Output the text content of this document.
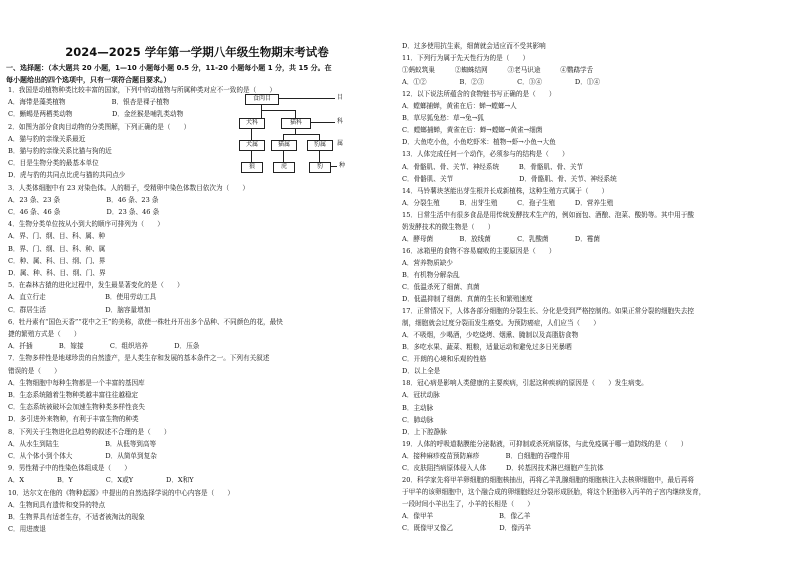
2024—2025 学年第一学期八年级生物期末考试卷
一、选择题：（本大题共 20 小题，1—10 小题每小题 0.5 分，11-20 小题每小题 1 分，共 15 分。在
每小题给出的四个选项中，只有一项符合题目要求。）
1．我国是动植物种类比较丰富的国家，下列中的动植物与所属种类对应不一致的是（　　）
A．海带是藻类植物　　　　　　　B．银杏是裸子植物
C．蜥蜴是两栖类动物　　　　　　D．金丝猴是哺乳类动物
2．如图为部分食肉目动物的分类图解，下列正确的是（　　）
A．猫与豹的亲缘关系最近
B．猫与豹的亲缘关系比猫与狗的近
C．目是生物分类的最基本单位
D．虎与豹的共同点比虎与猫的共同点少
3．人类体细胞中有 23 对染色体。人的精子，受精卵中染色体数目依次为（　　）
A．23 条、23 条　　　　　　　B．46 条、23 条
C．46 条、46 条　　　　　　　D．23 条、46 条
4．生物分类单位按从小到大的顺序可排列为（　　）
A．界、门、纲、目、科、属、种
B．界、门、纲、目、科、种、属
C．种、属、科、目、纲、门、界
D．属、种、科、目、纲、门、界
5．在森林古猿的进化过程中，发生最显著变化的是（　　）
A．直立行走　　　　　　　　　B．使用劳动工具
C．群居生活　　　　　　　　　D．脑容量增加
6．牡丹素有“国色天香”“花中之王”的美称，欲使一株牡丹开出多个品种、不同颜色的花，最快
捷的繁殖方式是（　　）
A．扦插　　　　B．嫁接　　　　C．组织培养　　　　D．压条
7．生物多样性是地球珍贵的自然遗产，是人类生存和发展的基本条件之一。下列有关叙述
错误的是（　　）
A．生物细胞中每种生物都是一个丰富的基因库
B．生态系统随着生物种类越丰富往往越稳定
C．生态系统被破坏会加速生物种类多样性丧失
D．多引进外来物种，有利于丰富生物的种类
8．下列关于生物进化总趋势的叙述不合理的是（　　）
A．从水生到陆生　　　　　　　B．从低等到高等
C．从个体小到个体大　　　　　D．从简单到复杂
9．男性精子中的性染色体组成是（　　）
A．X　　　　　B．Y　　　　　C．X或Y　　　　　D．X和Y
10．达尔文在他的《物种起源》中提出的自然选择学说的中心内容是（　　）
A．生物间具有遗传和变异的特点
B．生物界具有适者生存，不适者被淘汰的现象
C．用进废退
食肉目
犬科	猫科
犬属	猫属	豹属
狼	虎	豹
目
科
属
种
D．过多使用抗生素，细菌就会适应而不受其影响
11．下列行为属于先天性行为的是（　　）
①蚂蚁筑巢　　　②蜘蛛结网　　　③老马识途　　　④鹦鹉学舌
A．①②　　　　　B．②③　　　　　C．③④　　　　　D．①④
12．以下说法所蕴含的食物链书写正确的是（　　）
A．螳螂捕蝉，黄雀在后：蝉→螳螂→人
B．草尽狐兔愁：草→兔→狐
C．螳螂捕蝉，黄雀在后：蝉→螳螂→黄雀→细菌
D．大鱼吃小鱼，小鱼吃虾米：植物→虾→小鱼→大鱼
13．人体完成任何一个动作，必须参与的结构是（　　）
A．骨骼肌、骨、关节、神经系统　　　B．骨骼肌、骨、关节
C．骨骼肌、关节　　　　　　　　　　D．骨骼肌、骨、关节、神经系统
14．马铃薯块茎能出芽生根并长成新植株，这种生殖方式属于（　　）
A．分裂生殖　　　B．出芽生殖　　　C．孢子生殖　　　D．营养生殖
15．日常生活中有很多食品是用传统发酵技术生产的，例如面包、酒酿、泡菜、酸奶等。其中用于酸
奶发酵技术的微生物是（　　）
A．酵母菌　　　　B．放线菌　　　　C．乳酸菌　　　　D．霉菌
16．冰箱里的食物不容易腐败的主要原因是（　　）
A．营养物质缺少
B．有机物分解杂乱
C．低温杀死了细菌、真菌
D．低温抑制了细菌、真菌的生长和繁殖速度
17．正常情况下，人体各部分细胞的分裂生长、分化是受到严格控制的。如果正常分裂的细胞失去控
制，细胞就会过度分裂而发生癌变。为预防癌症，人们应当（　　）
A．不吸烟，少喝酒，少吃烧烤、烟熏、腌制以及高脂肪食物
B．多吃水果、蔬菜、粗粮，适量运动和避免过多日光暴晒
C．开朗的心境和乐观的性格
D．以上全是
18．冠心病是影响人类健康的主要疾病，引起这种疾病的原因是（　　）发生病变。
A．冠状动脉
B．主动脉
C．肺动脉
D．上下腔静脉
19．人体的呼吸道黏膜能分泌黏液，可抑制或杀死病原体，与此免疫属于哪一道防线的是（　　）
A．接种麻疹疫苗预防麻疹　　　　B．白细胞的吞噬作用
C．皮肤阻挡病原体侵入人体　　　D．转基因技术淋巴细胞产生抗体
20．科学家先将甲羊卵细胞的细胞核抽出，再将乙羊乳腺细胞的细胞核注入去核卵细胞中，最后再将
于甲羊的该卵细胞中，这个融合成的卵细胞经过分裂形成胚胎，将这个胚胎移入丙羊的子宫内继续发育，
一段时间小羊出生了，小羊的长相是（　　）
A．像甲羊　　　　　　　　　　B．像乙羊
C．既像甲又像乙　　　　　　　D．像丙羊
